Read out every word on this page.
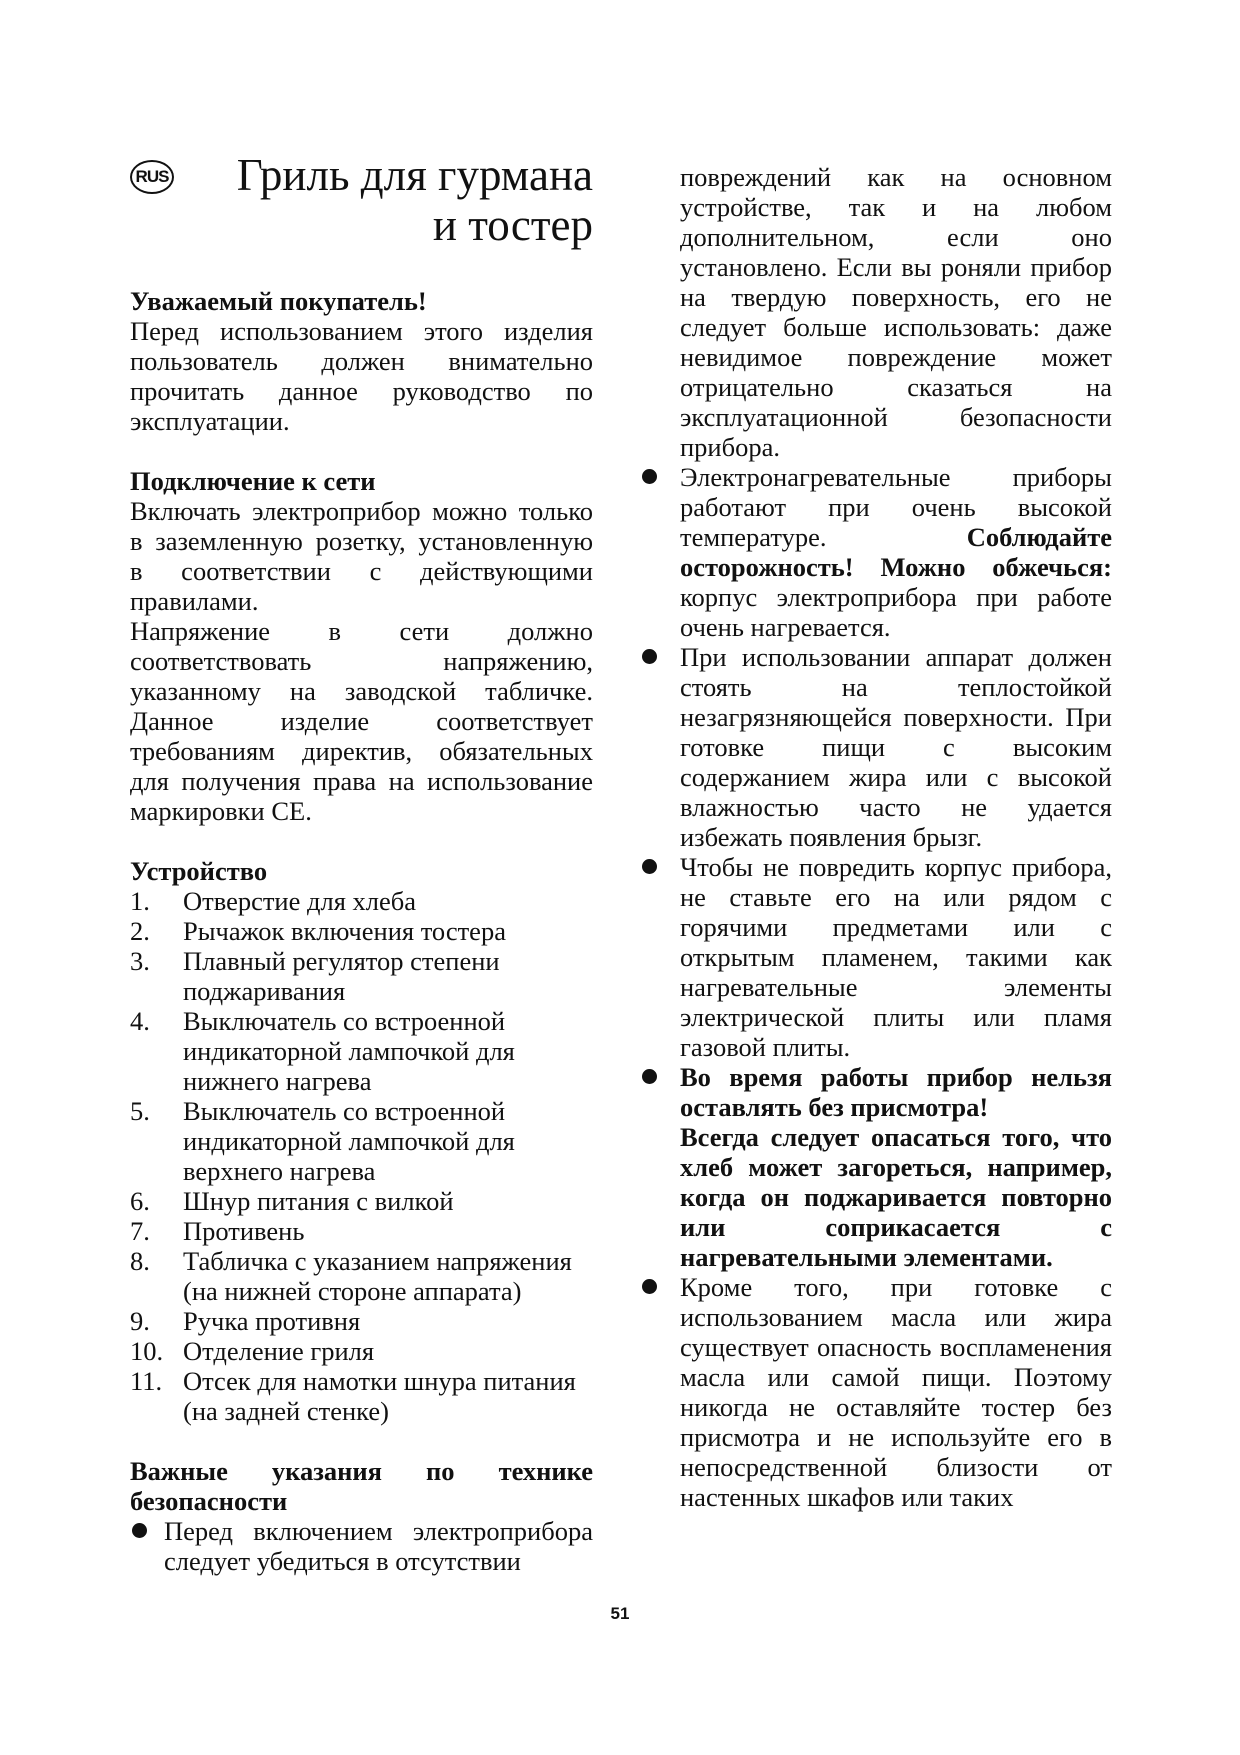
RUS	Гриль для гурмана
и тостер

Уважаемый покупатель!

Перед использованием этого изделия пользователь должен внимательно прочитать данное руководство по эксплуатации.

Подключение к сети

Включать электроприбор можно только в заземленную розетку, установленную в соответствии с действующими правилами.

Напряжение в сети должно соответствовать напряжению, указанному на заводской табличке. Данное изделие соответствует требованиям директив, обязательных для получения права на использование маркировки CE.

Устройство

1. Отверстие для хлеба
2. Рычажок включения тостера
3. Плавный регулятор степени поджаривания
4. Выключатель со встроенной индикаторной лампочкой для нижнего нагрева
5. Выключатель со встроенной индикаторной лампочкой для верхнего нагрева
6. Шнур питания с вилкой
7. Противень
8. Табличка с указанием напряжения (на нижней стороне аппарата)
9. Ручка противня
10. Отделение гриля
11. Отсек для намотки шнура питания (на задней стенке)

Важные указания по технике безопасности

Перед включением электроприбора следует убедиться в отсутствии

повреждений как на основном устройстве, так и на любом дополнительном, если оно установлено. Если вы роняли прибор на твердую поверхность, его не следует больше использовать: даже невидимое повреждение может отрицательно сказаться на эксплуатационной безопасности прибора.

Электронагревательные приборы работают при очень высокой температуре.	Соблюдайте осторожность! Можно обжечься: корпус электроприбора при работе очень нагревается.
При использовании аппарат должен стоять на теплостойкой незагрязняющейся поверхности. При готовке пищи с высоким содержанием жира или с высокой влажностью часто не удается избежать появления брызг.
Чтобы не повредить корпус прибора, не ставьте его на или рядом с горячими предметами или с открытым пламенем, такими как нагревательные элементы электрической плиты или пламя газовой плиты.
Во время работы прибор нельзя оставлять без присмотра!
Всегда следует опасаться того, что хлеб может загореться, например, когда он поджаривается повторно или соприкасается с нагревательными элементами.
Кроме того, при готовке с использованием масла или жира существует опасность воспламенения масла или самой пищи. Поэтому никогда не оставляйте тостер без присмотра и не используйте его в непосредственной близости от настенных шкафов или таких
51
